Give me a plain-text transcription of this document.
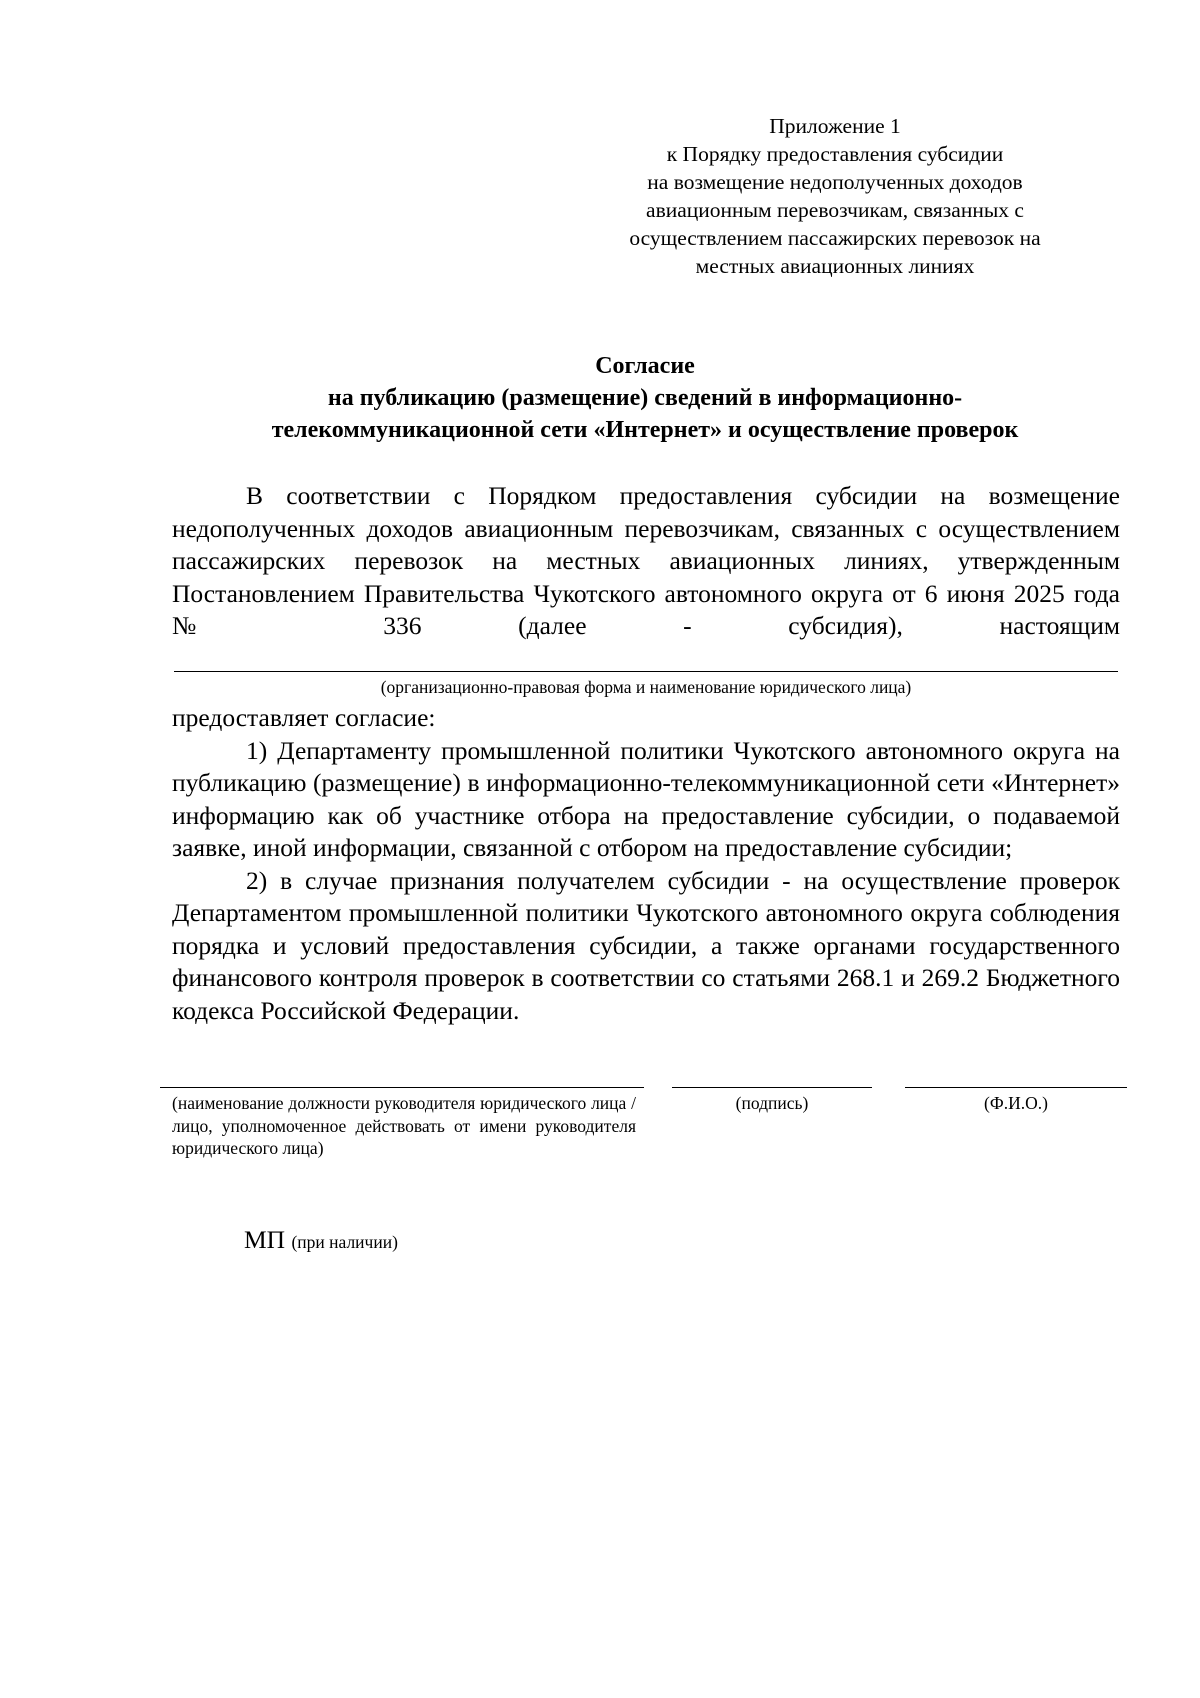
Приложение 1
к Порядку предоставления субсидии
на возмещение недополученных доходов
авиационным перевозчикам, связанных с
осуществлением пассажирских перевозок на
местных авиационных линиях
Согласие
на публикацию (размещение) сведений в информационно-
телекоммуникационной сети «Интернет» и осуществление проверок
В соответствии с Порядком предоставления субсидии на возмещение недополученных доходов авиационным перевозчикам, связанных с осуществлением пассажирских перевозок на местных авиационных линиях, утвержденным Постановлением Правительства Чукотского автономного округа от 6 июня 2025 года № 336 (далее - субсидия), настоящим
(организационно-правовая форма и наименование юридического лица)
предоставляет согласие:
1) Департаменту промышленной политики Чукотского автономного округа на публикацию (размещение) в информационно-телекоммуникационной сети «Интернет» информацию как об участнике отбора на предоставление субсидии, о подаваемой заявке, иной информации, связанной с отбором на предоставление субсидии;
2) в случае признания получателем субсидии - на осуществление проверок Департаментом промышленной политики Чукотского автономного округа соблюдения порядка и условий предоставления субсидии, а также органами государственного финансового контроля проверок в соответствии со статьями 268.1 и 269.2 Бюджетного кодекса Российской Федерации.
(наименование должности руководителя юридического лица / лицо, уполномоченное действовать от имени руководителя юридического лица)
(подпись)	(Ф.И.О.)
МП (при наличии)
